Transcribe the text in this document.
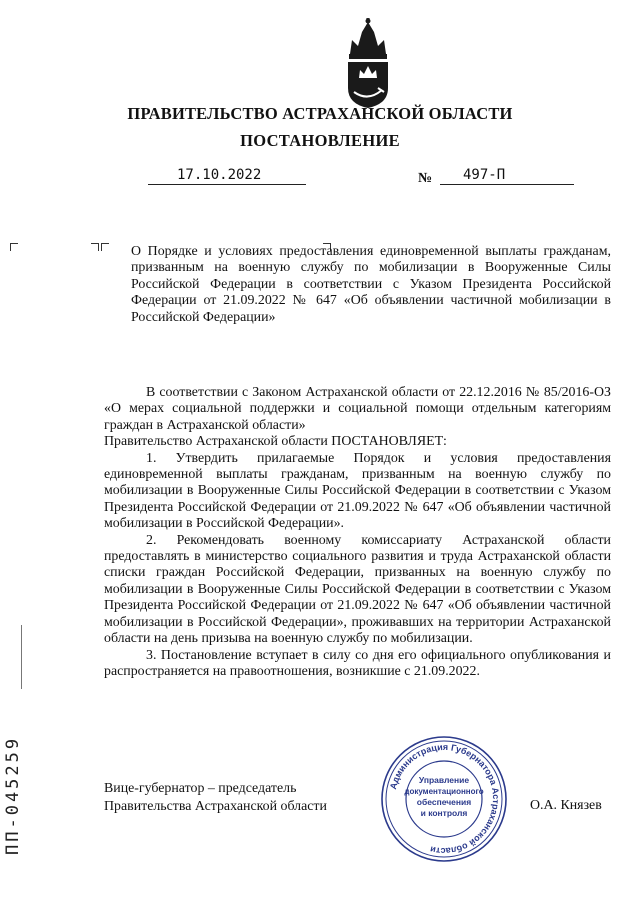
ПРАВИТЕЛЬСТВО АСТРАХАНСКОЙ ОБЛАСТИ
ПОСТАНОВЛЕНИЕ
17.10.2022	№ 497-П
О Порядке и условиях предоставления единовременной выплаты гражданам, призванным на военную службу по мобилизации в Вооруженные Силы Российской Федерации в соответствии с Указом Президента Российской Федерации от 21.09.2022 № 647 «Об объявлении частичной мобилизации в Российской Федерации»

В соответствии с Законом Астраханской области от 22.12.2016 № 85/2016-ОЗ «О мерах социальной поддержки и социальной помощи отдельным категориям граждан в Астраханской области»

Правительство Астраханской области ПОСТАНОВЛЯЕТ:

1. Утвердить прилагаемые Порядок и условия предоставления единовременной выплаты гражданам, призванным на военную службу по мобилизации в Вооруженные Силы Российской Федерации в соответствии с Указом Президента Российской Федерации от 21.09.2022 № 647 «Об объявлении частичной мобилизации в Российской Федерации».

2. Рекомендовать военному комиссариату Астраханской области предоставлять в министерство социального развития и труда Астраханской области списки граждан Российской Федерации, призванных на военную службу по мобилизации в Вооруженные Силы Российской Федерации в соответствии с Указом Президента Российской Федерации от 21.09.2022 № 647 «Об объявлении частичной мобилизации в Российской Федерации», проживавших на территории Астраханской области на день призыва на военную службу по мобилизации.

3. Постановление вступает в силу со дня его официального опубликования и распространяется на правоотношения, возникшие с 21.09.2022.

Вице-губернатор – председатель
Правительства Астраханской области	О.А. Князев
Администрация Губернатора Астраханской области
Управление
документационного
обеспечения
и контроля
ПП-045259
